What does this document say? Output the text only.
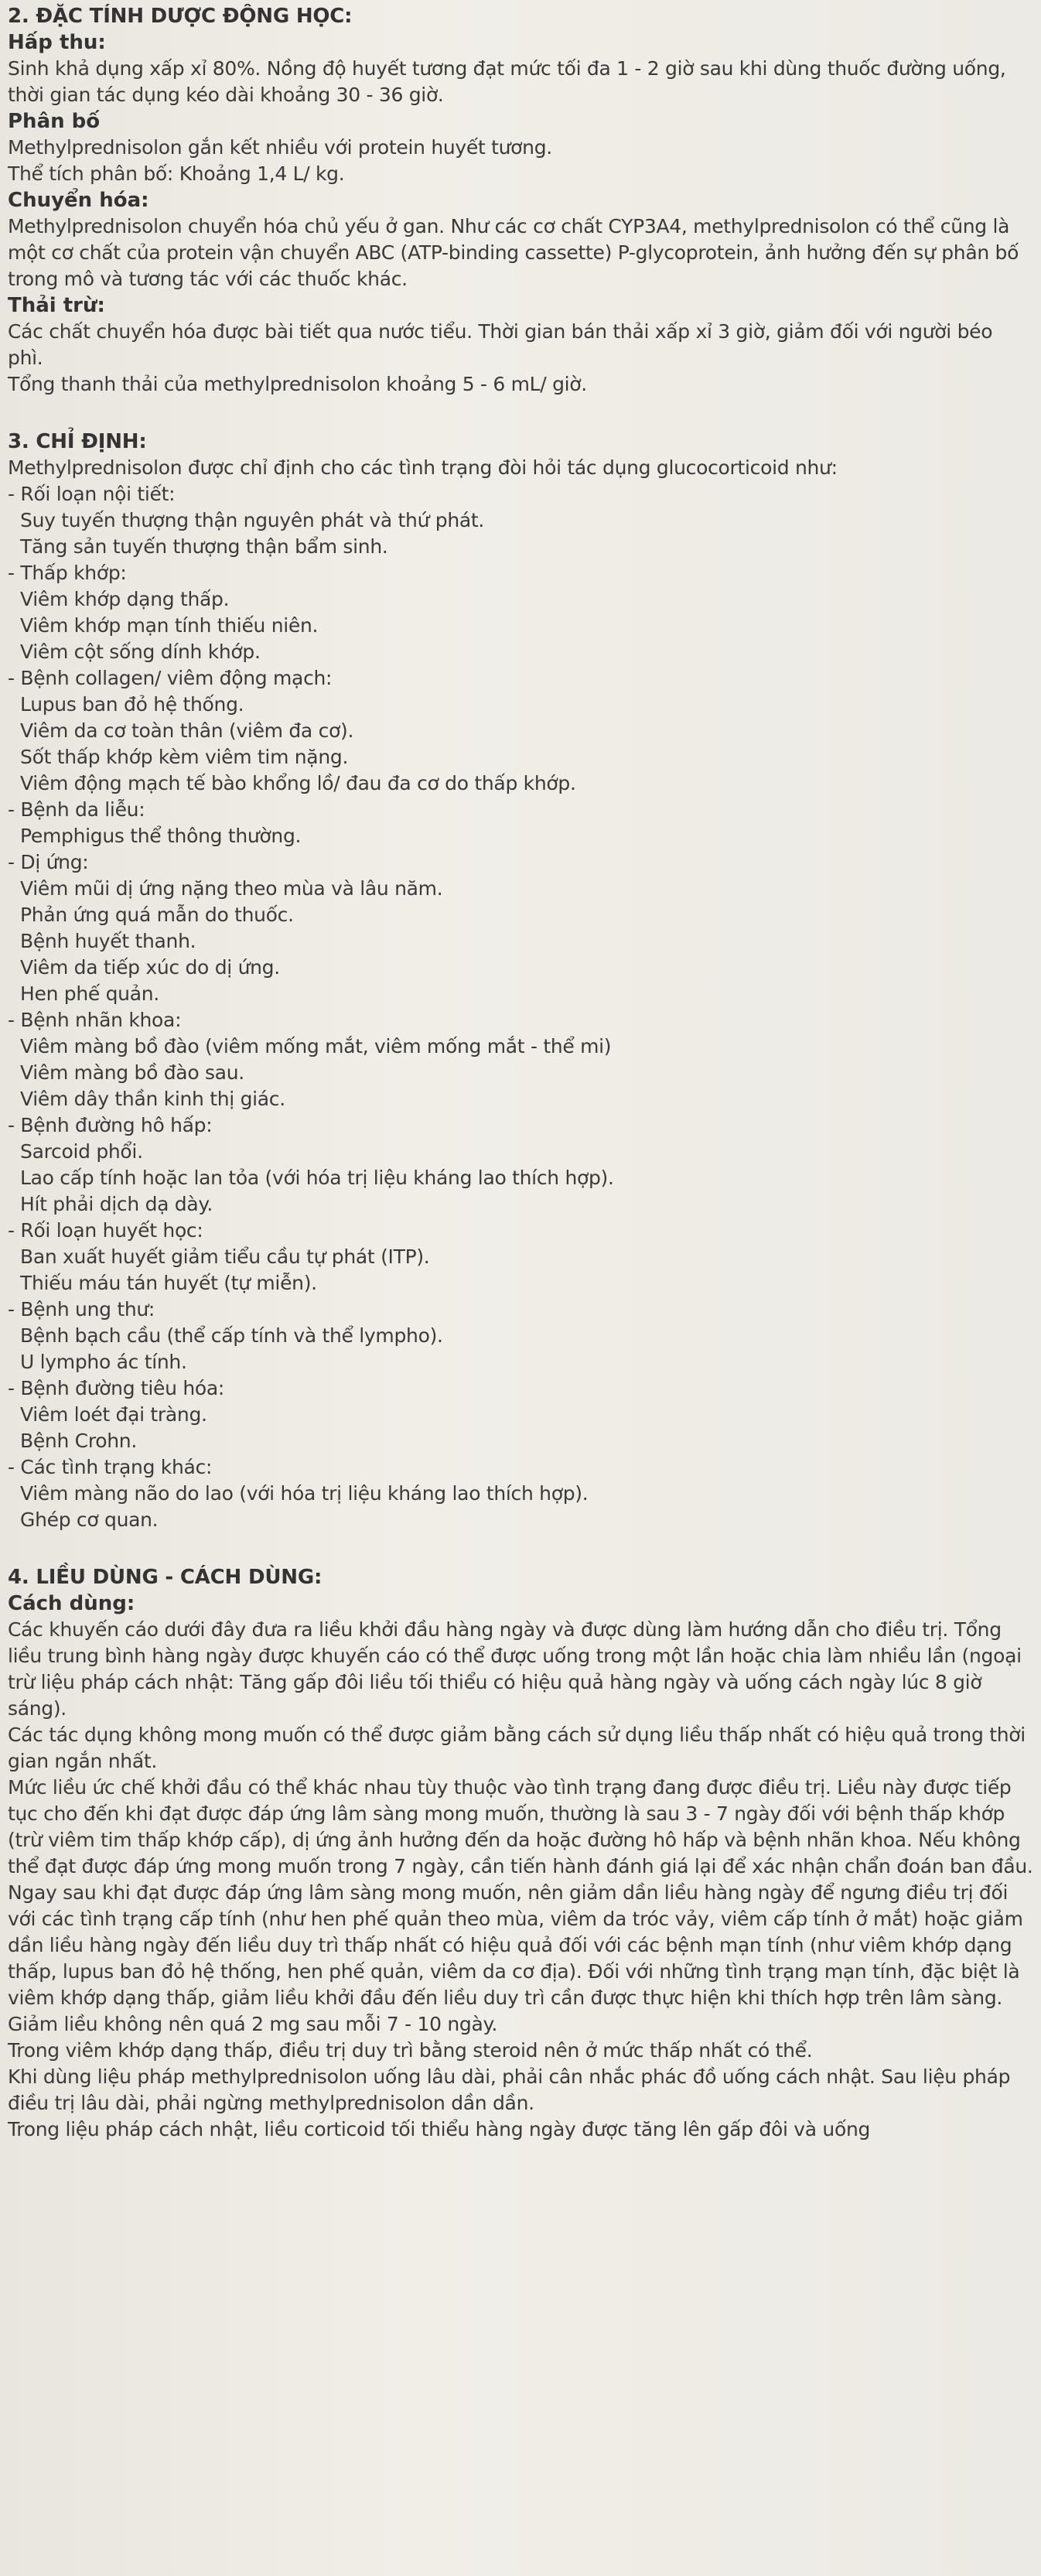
2. ĐẶC TÍNH DƯỢC ĐỘNG HỌC:
Hấp thu:
Sinh khả dụng xấp xỉ 80%. Nồng độ huyết tương đạt mức tối đa 1 - 2 giờ sau khi dùng thuốc đường uống, thời gian tác dụng kéo dài khoảng 30 - 36 giờ.
Phân bố
Methylprednisolon gắn kết nhiều với protein huyết tương.
Thể tích phân bố: Khoảng 1,4 L/ kg.
Chuyển hóa:
Methylprednisolon chuyển hóa chủ yếu ở gan. Như các cơ chất CYP3A4, methylprednisolon có thể cũng là một cơ chất của protein vận chuyển ABC (ATP-binding cassette) P-glycoprotein, ảnh hưởng đến sự phân bố trong mô và tương tác với các thuốc khác.
Thải trừ:
Các chất chuyển hóa được bài tiết qua nước tiểu. Thời gian bán thải xấp xỉ 3 giờ, giảm đối với người béo phì.
Tổng thanh thải của methylprednisolon khoảng 5 - 6 mL/ giờ.
3. CHỈ ĐỊNH:
Methylprednisolon được chỉ định cho các tình trạng đòi hỏi tác dụng glucocorticoid như:
- Rối loạn nội tiết:
Suy tuyến thượng thận nguyên phát và thứ phát.
Tăng sản tuyến thượng thận bẩm sinh.
- Thấp khớp:
Viêm khớp dạng thấp.
Viêm khớp mạn tính thiếu niên.
Viêm cột sống dính khớp.
- Bệnh collagen/ viêm động mạch:
Lupus ban đỏ hệ thống.
Viêm da cơ toàn thân (viêm đa cơ).
Sốt thấp khớp kèm viêm tim nặng.
Viêm động mạch tế bào khổng lồ/ đau đa cơ do thấp khớp.
- Bệnh da liễu:
Pemphigus thể thông thường.
- Dị ứng:
Viêm mũi dị ứng nặng theo mùa và lâu năm.
Phản ứng quá mẫn do thuốc.
Bệnh huyết thanh.
Viêm da tiếp xúc do dị ứng.
Hen phế quản.
- Bệnh nhãn khoa:
Viêm màng bồ đào (viêm mống mắt, viêm mống mắt - thể mi)
Viêm màng bồ đào sau.
Viêm dây thần kinh thị giác.
- Bệnh đường hô hấp:
Sarcoid phổi.
Lao cấp tính hoặc lan tỏa (với hóa trị liệu kháng lao thích hợp).
Hít phải dịch dạ dày.
- Rối loạn huyết học:
Ban xuất huyết giảm tiểu cầu tự phát (ITP).
Thiếu máu tán huyết (tự miễn).
- Bệnh ung thư:
Bệnh bạch cầu (thể cấp tính và thể lympho).
U lympho ác tính.
- Bệnh đường tiêu hóa:
Viêm loét đại tràng.
Bệnh Crohn.
- Các tình trạng khác:
Viêm màng não do lao (với hóa trị liệu kháng lao thích hợp).
Ghép cơ quan.
4. LIỀU DÙNG - CÁCH DÙNG:
Cách dùng:
Các khuyến cáo dưới đây đưa ra liều khởi đầu hàng ngày và được dùng làm hướng dẫn cho điều trị. Tổng liều trung bình hàng ngày được khuyến cáo có thể được uống trong một lần hoặc chia làm nhiều lần (ngoại trừ liệu pháp cách nhật: Tăng gấp đôi liều tối thiểu có hiệu quả hàng ngày và uống cách ngày lúc 8 giờ sáng).
Các tác dụng không mong muốn có thể được giảm bằng cách sử dụng liều thấp nhất có hiệu quả trong thời gian ngắn nhất.
Mức liều ức chế khởi đầu có thể khác nhau tùy thuộc vào tình trạng đang được điều trị. Liều này được tiếp tục cho đến khi đạt được đáp ứng lâm sàng mong muốn, thường là sau 3 - 7 ngày đối với bệnh thấp khớp (trừ viêm tim thấp khớp cấp), dị ứng ảnh hưởng đến da hoặc đường hô hấp và bệnh nhãn khoa. Nếu không thể đạt được đáp ứng mong muốn trong 7 ngày, cần tiến hành đánh giá lại để xác nhận chẩn đoán ban đầu. Ngay sau khi đạt được đáp ứng lâm sàng mong muốn, nên giảm dần liều hàng ngày để ngưng điều trị đối với các tình trạng cấp tính (như hen phế quản theo mùa, viêm da tróc vảy, viêm cấp tính ở mắt) hoặc giảm dần liều hàng ngày đến liều duy trì thấp nhất có hiệu quả đối với các bệnh mạn tính (như viêm khớp dạng thấp, lupus ban đỏ hệ thống, hen phế quản, viêm da cơ địa). Đối với những tình trạng mạn tính, đặc biệt là viêm khớp dạng thấp, giảm liều khởi đầu đến liều duy trì cần được thực hiện khi thích hợp trên lâm sàng. Giảm liều không nên quá 2 mg sau mỗi 7 - 10 ngày.
Trong viêm khớp dạng thấp, điều trị duy trì bằng steroid nên ở mức thấp nhất có thể.
Khi dùng liệu pháp methylprednisolon uống lâu dài, phải cân nhắc phác đồ uống cách nhật. Sau liệu pháp điều trị lâu dài, phải ngừng methylprednisolon dần dần.
Trong liệu pháp cách nhật, liều corticoid tối thiểu hàng ngày được tăng lên gấp đôi và uống
